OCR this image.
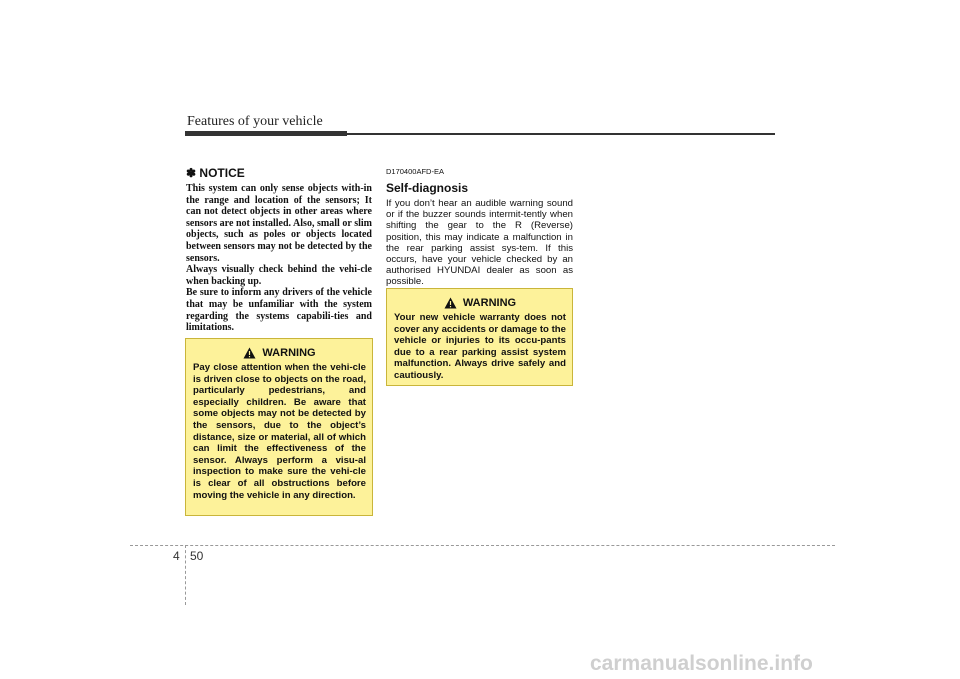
Features of your vehicle
✽ NOTICE
This system can only sense objects with-in the range and location of the sensors; It can not detect objects in other areas where sensors are not installed. Also, small or slim objects, such as poles or objects located between sensors may not be detected by the sensors.
Always visually check behind the vehi-cle when backing up.
Be sure to inform any drivers of the vehicle that may be unfamiliar with the system regarding the systems capabili-ties and limitations.
WARNING

Pay close attention when the vehi-cle is driven close to objects on the road, particularly pedestrians, and especially children. Be aware that some objects may not be detected by the sensors, due to the object’s distance, size or material, all of which can limit the effectiveness of the sensor. Always perform a visu-al inspection to make sure the vehi-cle is clear of all obstructions before moving the vehicle in any direction.

D170400AFD-EA
Self-diagnosis

If you don’t hear an audible warning sound or if the buzzer sounds intermit-tently when shifting the gear to the R (Reverse) position, this may indicate a malfunction in the rear parking assist sys-tem. If this occurs, have your vehicle checked by an authorised HYUNDAI dealer as soon as possible.

WARNING

Your new vehicle warranty does not cover any accidents or damage to the vehicle or injuries to its occu-pants due to a rear parking assist system malfunction. Always drive safely and cautiously.

4 50
carmanualsonline.info
